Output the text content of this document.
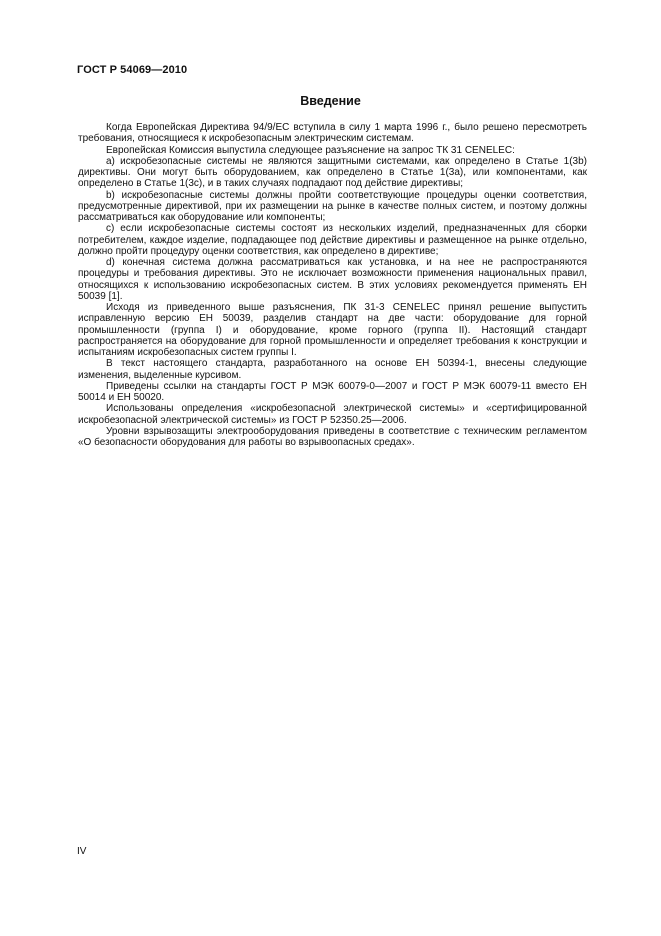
ГОСТ Р 54069—2010
Введение

Когда Европейская Директива 94/9/ЕС вступила в силу 1 марта 1996 г., было решено пересмотреть требования, относящиеся к искробезопасным электрическим системам.

Европейская Комиссия выпустила следующее разъяснение на запрос ТК 31 CENELEC:

а) искробезопасные системы не являются защитными системами, как определено в Статье 1(3b) директивы. Они могут быть оборудованием, как определено в Статье 1(3a), или компонентами, как определено в Статье 1(3c), и в таких случаях подпадают под действие директивы;

b) искробезопасные системы должны пройти соответствующие процедуры оценки соответствия, предусмотренные директивой, при их размещении на рынке в качестве полных систем, и поэтому должны рассматриваться как оборудование или компоненты;

c) если искробезопасные системы состоят из нескольких изделий, предназначенных для сборки потребителем, каждое изделие, подпадающее под действие директивы и размещенное на рынке отдельно, должно пройти процедуру оценки соответствия, как определено в директиве;

d) конечная система должна рассматриваться как установка, и на нее не распространяются процедуры и требования директивы. Это не исключает возможности применения национальных правил, относящихся к использованию искробезопасных систем. В этих условиях рекомендуется применять ЕН 50039 [1].

Исходя из приведенного выше разъяснения, ПК 31-3 CENELEC принял решение выпустить исправленную версию ЕН 50039, разделив стандарт на две части: оборудование для горной промышленности (группа I) и оборудование, кроме горного (группа II). Настоящий стандарт распространяется на оборудование для горной промышленности и определяет требования к конструкции и испытаниям искробезопасных систем группы I.

В текст настоящего стандарта, разработанного на основе ЕН 50394-1, внесены следующие изменения, выделенные курсивом.

Приведены ссылки на стандарты ГОСТ Р МЭК 60079-0—2007 и ГОСТ Р МЭК 60079-11 вместо ЕН 50014 и ЕН 50020.

Использованы определения «искробезопасной электрической системы» и «сертифицированной искробезопасной электрической системы» из ГОСТ Р 52350.25—2006.

Уровни взрывозащиты электрооборудования приведены в соответствие с техническим регламентом «О безопасности оборудования для работы во взрывоопасных средах».

IV
